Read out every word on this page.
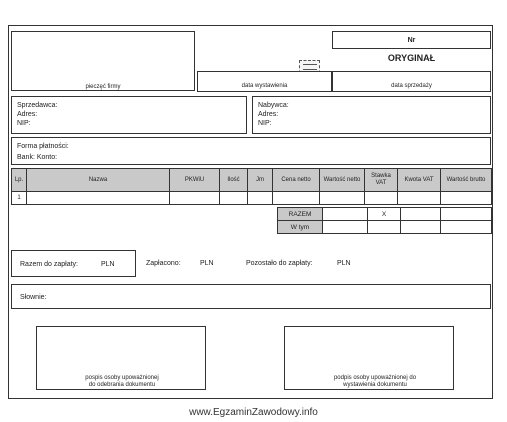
pieczęć firmy
Nr
ORYGINAŁ
data wystawienia	data sprzedaży
Sprzedawca:
Adres:
NIP:
Nabywca:
Adres:
NIP:
Forma płatności:
Bank: Konto:
Lp.	Nazwa	PKWiU	Ilość	Jm	Cena netto	Wartość netto	Stawka VAT	Kwota VAT	Wartość brutto
1									
RAZEM		X		
W tym				
Razem do zapłaty:	PLN	Zapłacono:	PLN	Pozostało do zapłaty:	PLN
Słownie:
pospis osoby upoważnionej do odebrania dokumentu
podpis osoby upoważnionej do wystawienia dokumentu
www.EgzaminZawodowy.info
